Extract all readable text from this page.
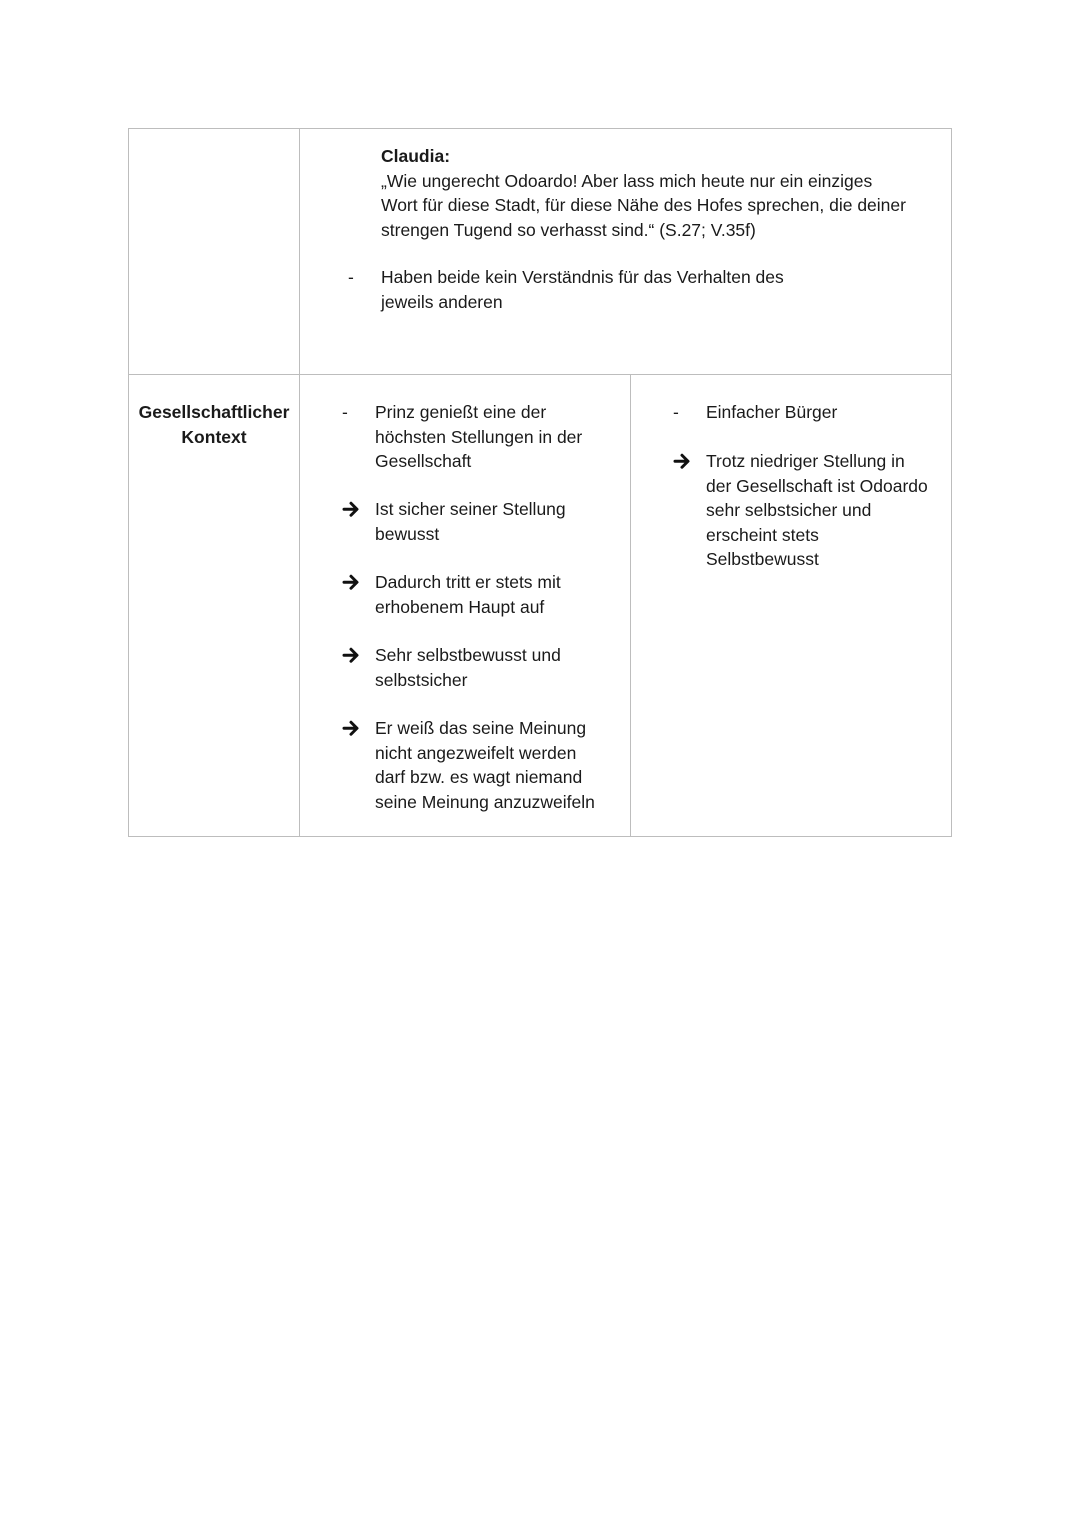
Claudia:
„Wie ungerecht Odoardo! Aber lass mich heute nur ein einziges
Wort für diese Stadt, für diese Nähe des Hofes sprechen, die deiner
strengen Tugend so verhasst sind.“ (S.27; V.35f)
- Haben beide kein Verständnis für das Verhalten des
jeweils anderen
Gesellschaftlicher
Kontext
- Prinz genießt eine der
höchsten Stellungen in der
Gesellschaft
Ist sicher seiner Stellung
bewusst
Dadurch tritt er stets mit
erhobenem Haupt auf
Sehr selbstbewusst und
selbstsicher
Er weiß das seine Meinung
nicht angezweifelt werden
darf bzw. es wagt niemand
seine Meinung anzuzweifeln
- Einfacher Bürger
Trotz niedriger Stellung in
der Gesellschaft ist Odoardo
sehr selbstsicher und
erscheint stets
Selbstbewusst
